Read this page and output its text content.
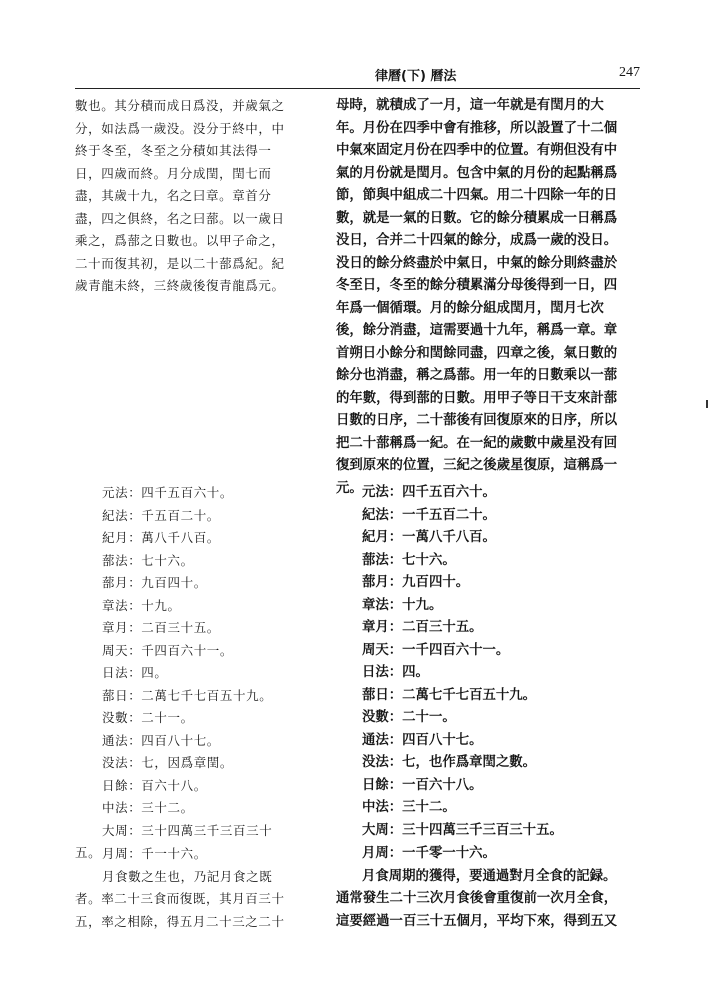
律曆(下) 曆法	247
數也。其分積而成日爲没，并歲氣之
分，如法爲一歲没。没分于終中，中
終于冬至，冬至之分積如其法得一
日，四歲而終。月分成閏，閏七而
盡，其歲十九，名之曰章。章首分
盡，四之俱終，名之曰蔀。以一歲日
乘之，爲蔀之日數也。以甲子命之，
二十而復其初，是以二十蔀爲紀。紀
歲青龍未終，三終歲後復青龍爲元。
元法：四千五百六十。
紀法：千五百二十。
紀月：萬八千八百。
蔀法：七十六。
蔀月：九百四十。
章法：十九。
章月：二百三十五。
周天：千四百六十一。
日法：四。
蔀日：二萬七千七百五十九。
没數：二十一。
通法：四百八十七。
没法：七，因爲章閏。
日餘：百六十八。
中法：三十二。
大周：三十四萬三千三百三十
五。 月周：千一十六。
月食數之生也，乃記月食之既
者。率二十三食而復既，其月百三十
五，率之相除，得五月二十三之二十
母時，就積成了一月，這一年就是有閏月的大
年。月份在四季中會有推移，所以設置了十二個
中氣來固定月份在四季中的位置。有朔但没有中
氣的月份就是閏月。包含中氣的月份的起點稱爲
節，節與中組成二十四氣。用二十四除一年的日
數，就是一氣的日數。它的餘分積累成一日稱爲
没日，合并二十四氣的餘分，成爲一歲的没日。
没日的餘分終盡於中氣日，中氣的餘分則終盡於
冬至日，冬至的餘分積累滿分母後得到一日，四
年爲一個循環。月的餘分組成閏月，閏月七次
後，餘分消盡，這需要過十九年，稱爲一章。章
首朔日小餘分和閏餘同盡，四章之後，氣日數的
餘分也消盡，稱之爲蔀。用一年的日數乘以一蔀
的年數，得到蔀的日數。用甲子等日干支來計蔀
日數的日序，二十蔀後有回復原來的日序，所以
把二十蔀稱爲一紀。在一紀的歲數中歲星没有回
復到原來的位置，三紀之後歲星復原，這稱爲一
元。 元法：四千五百六十。
紀法：一千五百二十。
紀月：一萬八千八百。
蔀法：七十六。
蔀月：九百四十。
章法：十九。
章月：二百三十五。
周天：一千四百六十一。
日法：四。
蔀日：二萬七千七百五十九。
没數：二十一。
通法：四百八十七。
没法：七，也作爲章閏之數。
日餘：一百六十八。
中法：三十二。
大周：三十四萬三千三百三十五。
月周：一千零一十六。
月食周期的獲得，要通過對月全食的記録。
通常發生二十三次月食後會重復前一次月全食，
這要經過一百三十五個月，平均下來，得到五又
